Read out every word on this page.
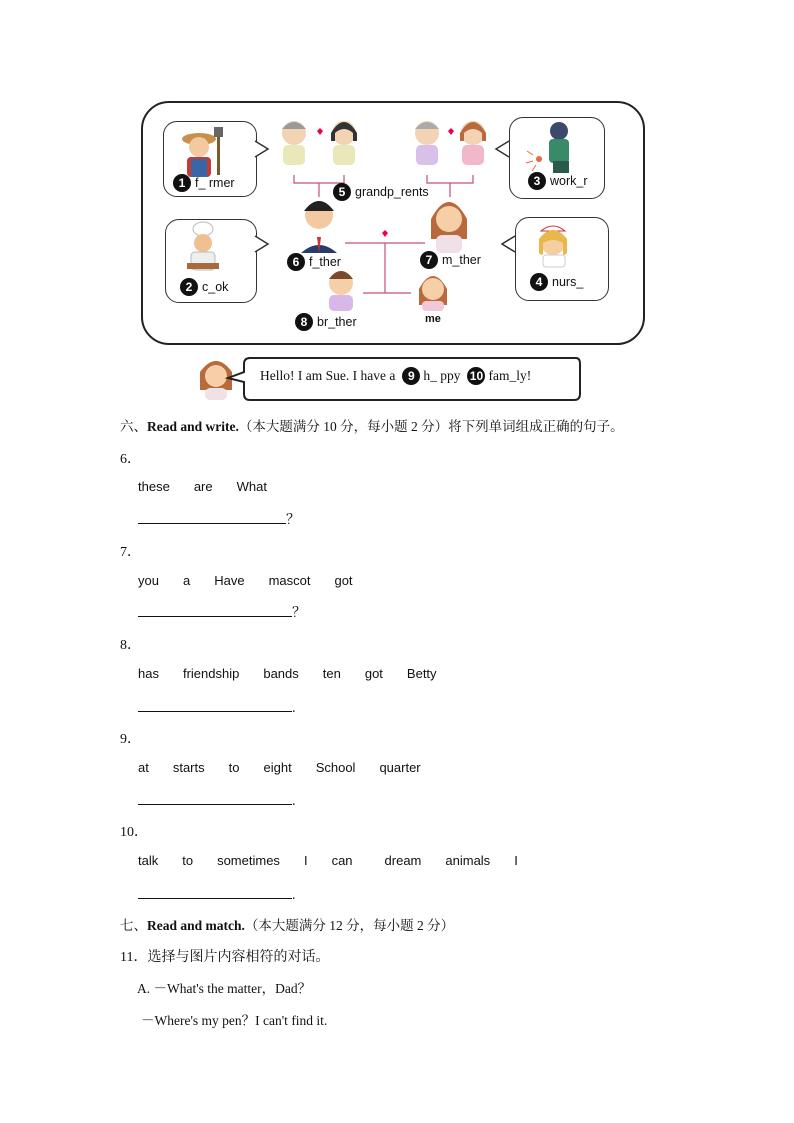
1 f_ rmer
2 c_ok
3 work_r
4 nurs_
5 grandp_rents
6 f_ther	7 m_ther
8 br_ther	me
Hello! I am Sue. I have a	9 h_ ppy 10 fam_ly!
六、Read and write.（本大题满分 10 分，每小题 2 分）将下列单词组成正确的句子。
6．
these are What
？
7．
you a Have mascot got
？
8．
has friendship bands ten got Betty
.
9．
at starts to eight School quarter
.
10．
talk to sometimes I can dream animals I
.
七、Read and match.（本大题满分 12 分，每小题 2 分）
11．选择与图片内容相符的对话。
A. －What's the matter，Dad？
－Where's my pen？I can't find it.
